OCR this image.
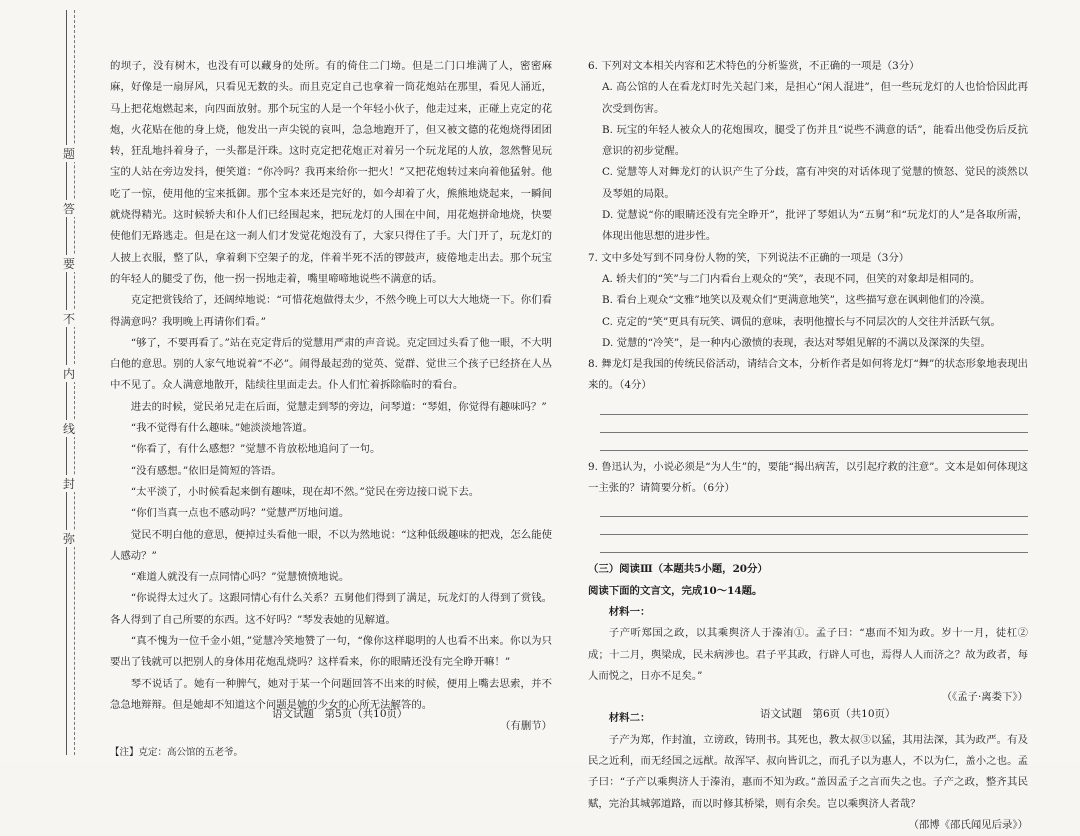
弥
封
线
内
不
要
答
题

的坝子，没有树木，也没有可以藏身的处所。有的倚住二门坳。但是二门口堆满了人，密密麻麻，好像是一扇屏风，只看见无数的头。而且克定自己也拿着一筒花炮站在那里，看见人涌近，马上把花炮燃起来，向四面放射。那个玩宝的人是一个年轻小伙子，他走过来，正碰上克定的花炮，火花贴在他的身上烧，他发出一声尖锐的哀叫，急急地跑开了，但又被文德的花炮烧得团团转，狂乱地抖着身子，一头都是汗珠。这时克定把花炮正对着另一个玩龙尾的人放，忽然瞥见玩宝的人站在旁边发抖，便笑道：“你冷吗？我再来给你一把火！”又把花炮转过来向着他猛射。他吃了一惊，使用他的宝来抵御。那个宝本来还是完好的，如今却着了火，熊熊地烧起来，一瞬间就烧得精光。这时候轿夫和仆人们已经围起来，把玩龙灯的人围在中间，用花炮拼命地烧，快要使他们无路逃走。但是在这一刹人们才发觉花炮没有了，大家只得住了手。大门开了，玩龙灯的人披上衣服，整了队，拿着剩下空架子的龙，伴着半死不活的锣鼓声，疲倦地走出去。那个玩宝的年轻人的腿受了伤，他一拐一拐地走着，嘴里啼啼地说些不满意的话。

克定把赏钱给了，还阔绰地说：“可惜花炮做得太少，不然今晚上可以大大地烧一下。你们看得满意吗？我明晚上再请你们看。”

“够了，不要再看了。”站在克定背后的觉慧用严肃的声音说。克定回过头看了他一眼，不大明白他的意思。别的人家气地说着“不必”。闹得最起劲的觉英、觉群、觉世三个孩子已经挤在人丛中不见了。众人满意地散开，陆续往里面走去。仆人们忙着拆除临时的看台。

进去的时候，觉民弟兄走在后面，觉慧走到琴的旁边，问琴道：“琴姐，你觉得有趣味吗？”

“我不觉得有什么趣味。”她淡淡地答道。

“你看了，有什么感想？”觉慧不肯放松地追问了一句。

“没有感想。”依旧是简短的答语。

“太平淡了，小时候看起来倒有趣味，现在却不然。”觉民在旁边接口说下去。

“你们当真一点也不感动吗？”觉慧严厉地问道。

觉民不明白他的意思，便掉过头看他一眼，不以为然地说：“这种低级趣味的把戏，怎么能使人感动？”

“难道人就没有一点同情心吗？”觉慧愤愤地说。

“你说得太过火了。这跟同情心有什么关系？五舅他们得到了满足，玩龙灯的人得到了赏钱。各人得到了自己所要的东西。这不好吗？”琴发表她的见解道。

“真不愧为一位千金小姐，”觉慧冷笑地赞了一句，“像你这样聪明的人也看不出来。你以为只要出了钱就可以把别人的身体用花炮乱烧吗？这样看来，你的眼睛还没有完全睁开嘛！”

琴不说话了。她有一种脾气，她对于某一个问题回答不出来的时候，便用上嘴去思索，并不急急地辩辩。但是她却不知道这个问题是她的少女的心所无法解答的。

（有删节）

【注】克定：高公馆的五老爷。

语文试题　第5页（共10页）

6. 下列对文本相关内容和艺术特色的分析鉴赏，不正确的一项是（3分）

A. 高公馆的人在看龙灯时先关起门来，是担心“闲人混进”，但一些玩龙灯的人也恰恰因此再次受到伤害。

B. 玩宝的年轻人被众人的花炮围攻，腿受了伤并且“说些不满意的话”，能看出他受伤后反抗意识的初步觉醒。

C. 觉慧等人对舞龙灯的认识产生了分歧，富有冲突的对话体现了觉慧的愤怒、觉民的淡然以及琴姐的局限。

D. 觉慧说“你的眼睛还没有完全睁开”，批评了琴姐认为“五舅”和“玩龙灯的人”是各取所需，体现出他思想的进步性。

7. 文中多处写到不同身份人物的笑，下列说法不正确的一项是（3分）

A. 轿夫们的“笑”与二门内看台上观众的“笑”，表现不同，但笑的对象却是相同的。

B. 看台上观众“文雅”地笑以及观众们“更满意地笑”，这些描写意在讽刺他们的冷漠。

C. 克定的“笑”更具有玩笑、调侃的意味，表明他擅长与不同层次的人交往并活跃气氛。

D. 觉慧的“冷笑”，是一种内心激愤的表现，表达对琴姐见解的不满以及深深的失望。

8. 舞龙灯是我国的传统民俗活动，请结合文本，分析作者是如何将龙灯“舞”的状态形象地表现出来的。（4分）

9. 鲁迅认为，小说必须是“为人生”的，要能“揭出病苦，以引起疗救的注意”。文本是如何体现这一主张的？请简要分析。（6分）

（三）阅读Ⅲ（本题共5小题，20分）

阅读下面的文言文，完成10～14题。

材料一：

子产听郑国之政，以其乘舆济人于溱洧①。孟子曰：“惠而不知为政。岁十一月，徒杠②成；十二月，舆梁成，民未病涉也。君子平其政，行辟人可也，焉得人人而济之？故为政者，每人而悦之，日亦不足矣。”

（《孟子·离娄下》）

材料二：

子产为郑，作封洫，立谤政，铸刑书。其死也，教太叔③以猛，其用法深，其为政严。有及民之近利，而无经国之远猷。故浑罕、叔向皆讥之，而孔子以为惠人，不以为仁，盖小之也。孟子曰：“子产以乘舆济人于溱洧，惠而不知为政。”盖因孟子之言而失之也。子产之政，整齐其民赋，完治其城郭道路，而以时修其桥梁，则有余矣。岂以乘舆济人者哉？

（邵博《邵氏闻见后录》）

语文试题　第6页（共10页）
